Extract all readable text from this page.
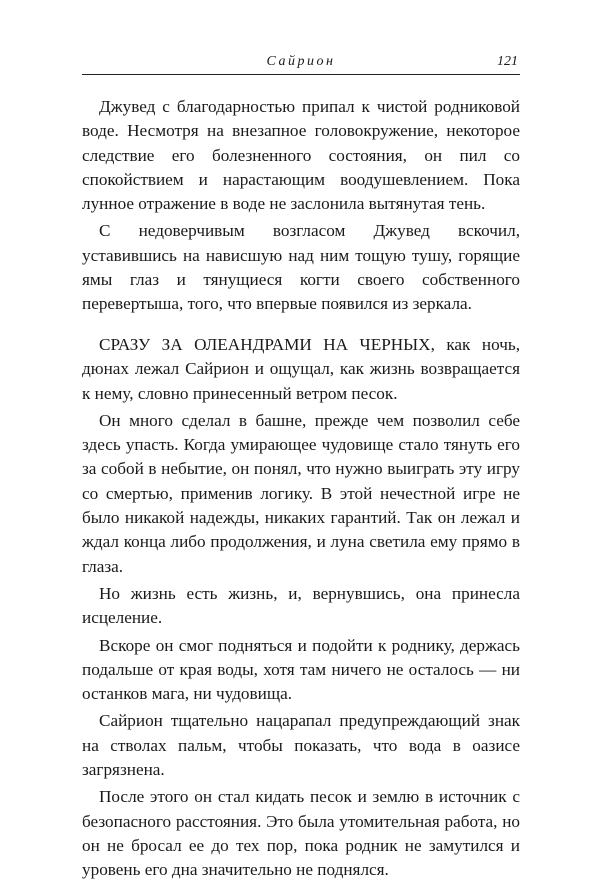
Сайрион	121

Джувед с благодарностью припал к чистой родниковой воде. Несмотря на внезапное головокружение, некоторое следствие его болезненного состояния, он пил со спокойствием и нарастающим воодушевлением. Пока лунное отражение в воде не заслонила вытянутая тень.

С недоверчивым возгласом Джувед вскочил, уставившись на нависшую над ним тощую тушу, горящие ямы глаз и тянущиеся когти своего собственного перевертыша, того, что впервые появился из зеркала.

СРАЗУ ЗА ОЛЕАНДРАМИ НА ЧЕРНЫХ, как ночь, дюнах лежал Сайрион и ощущал, как жизнь возвращается к нему, словно принесенный ветром песок.

Он много сделал в башне, прежде чем позволил себе здесь упасть. Когда умирающее чудовище стало тянуть его за собой в небытие, он понял, что нужно выиграть эту игру со смертью, применив логику. В этой нечестной игре не было никакой надежды, никаких гарантий. Так он лежал и ждал конца либо продолжения, и луна светила ему прямо в глаза.

Но жизнь есть жизнь, и, вернувшись, она принесла исцеление.

Вскоре он смог подняться и подойти к роднику, держась подальше от края воды, хотя там ничего не осталось — ни останков мага, ни чудовища.

Сайрион тщательно нацарапал предупреждающий знак на стволах пальм, чтобы показать, что вода в оазисе загрязнена.

После этого он стал кидать песок и землю в источник с безопасного расстояния. Это была утомительная работа, но он не бросал ее до тех пор, пока родник не замутился и уровень его дна значительно не поднялся.
